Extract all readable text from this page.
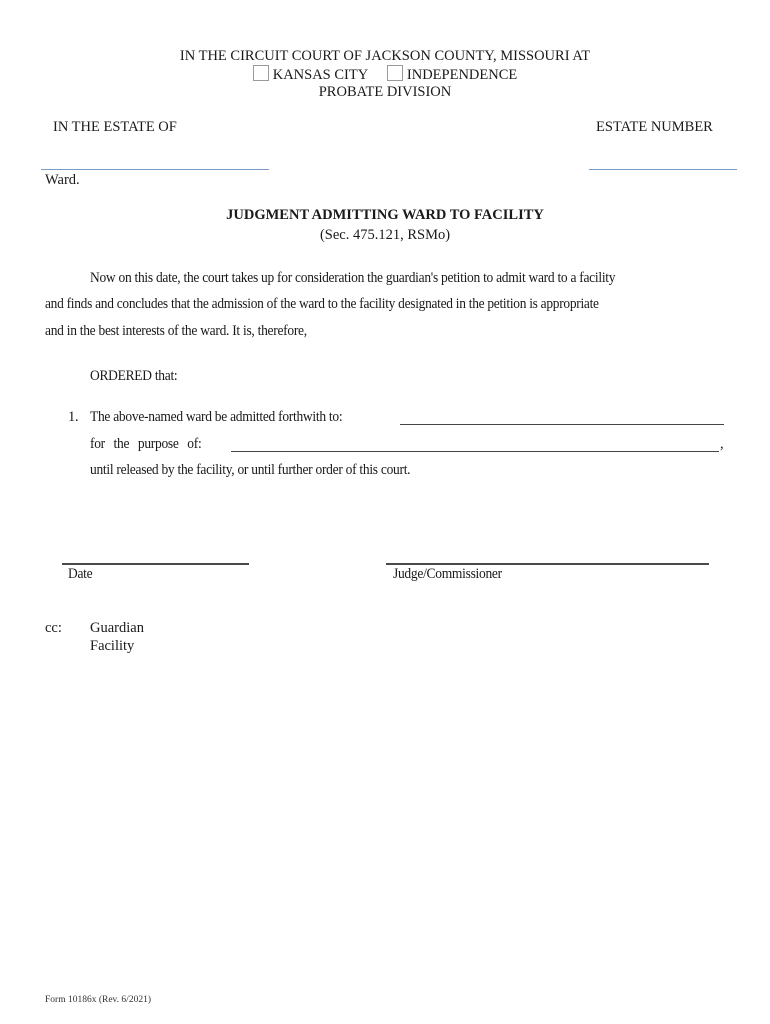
IN THE CIRCUIT COURT OF JACKSON COUNTY, MISSOURI AT
KANSAS CITY	INDEPENDENCE
PROBATE DIVISION
IN THE ESTATE OF	ESTATE NUMBER
Ward.
JUDGMENT ADMITTING WARD TO FACILITY
(Sec. 475.121, RSMo)
Now on this date, the court takes up for consideration the guardian's petition to admit ward to a facility
and finds and concludes that the admission of the ward to the facility designated in the petition is appropriate
and in the best interests of the ward. It is, therefore,
ORDERED that:
1. The above-named ward be admitted forthwith to:
for the purpose of:	,
until released by the facility, or until further order of this court.
Date	Judge/Commissioner
cc: Guardian
Facility
Form 10186x (Rev. 6/2021)
